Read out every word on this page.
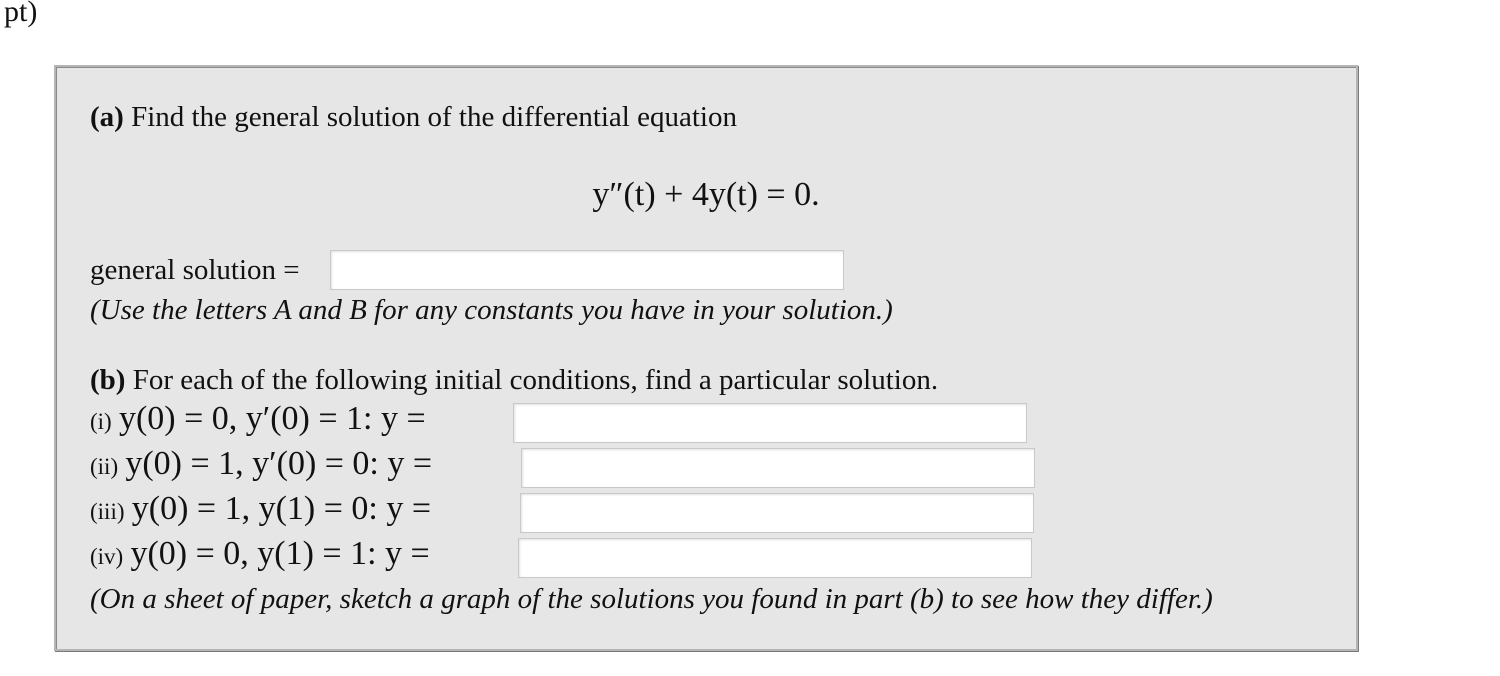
pt)
(a) Find the general solution of the differential equation
y″(t) + 4y(t) = 0.
general solution =
(Use the letters A and B for any constants you have in your solution.)
(b) For each of the following initial conditions, find a particular solution.
(i) y(0) = 0, y′(0) = 1: y =
(ii) y(0) = 1, y′(0) = 0: y =
(iii) y(0) = 1, y(1) = 0: y =
(iv) y(0) = 0, y(1) = 1: y =
(On a sheet of paper, sketch a graph of the solutions you found in part (b) to see how they differ.)
